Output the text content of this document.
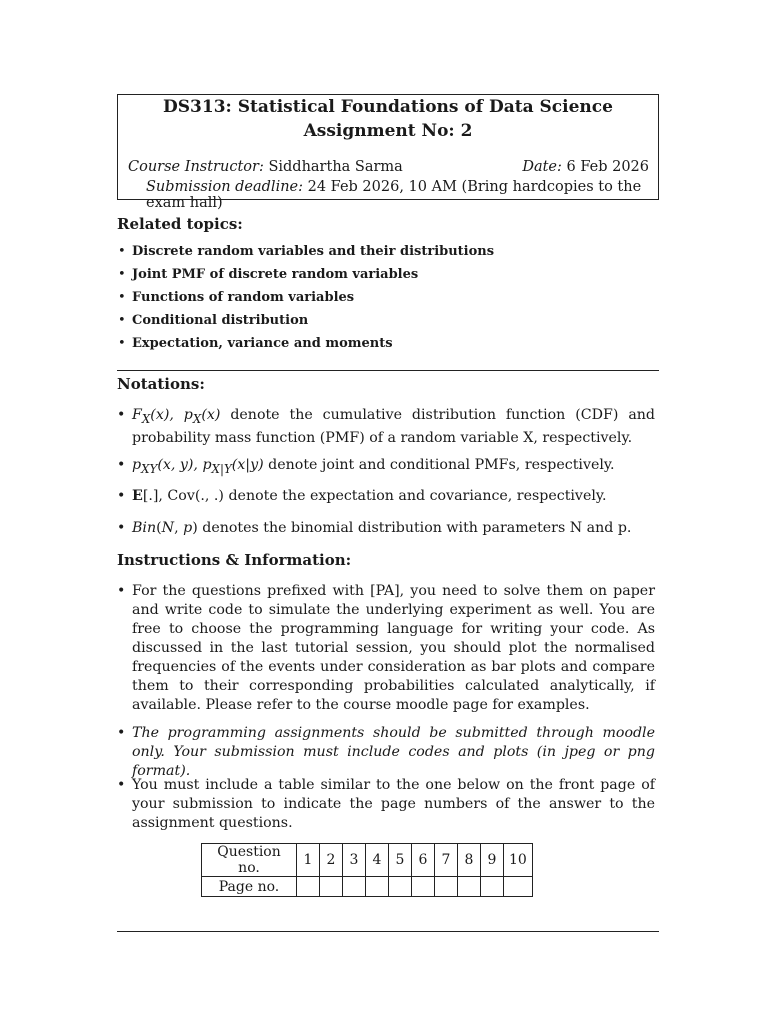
DS313: Statistical Foundations of Data Science
Assignment No: 2
Course Instructor: Siddhartha Sarma	Date: 6 Feb 2026
Submission deadline: 24 Feb 2026, 10 AM (Bring hardcopies to the exam hall)
Related topics:
• Discrete random variables and their distributions
• Joint PMF of discrete random variables
• Functions of random variables
• Conditional distribution
• Expectation, variance and moments
Notations:
• $F_X(x)$, $p_X(x)$ denote the cumulative distribution function (CDF) and probability mass function (PMF) of a random variable X, respectively.
• $p_{XY}(x$, y), $p_{X|Y}(x|y)$ denote joint and conditional PMFs, respectively.
• E[.], Cov(., .) denote the expectation and covariance, respectively.
• Bin(N, p) denotes the binomial distribution with parameters N and p.
Instructions & Information:
• For the questions prefixed with [PA], you need to solve them on paper and write code to simulate the underlying experiment as well. You are free to choose the programming language for writing your code. As discussed in the last tutorial session, you should plot the normalised frequencies of the events under consideration as bar plots and compare them to their corresponding probabilities calculated analytically, if available. Please refer to the course moodle page for examples.
• The programming assignments should be submitted through moodle only. Your submission must include codes and plots (in jpeg or png format).
• You must include a table similar to the one below on the front page of your submission to indicate the page numbers of the answer to the assignment questions.
Question no.	1	2	3	4	5	6	7	8	9	10
Page no.										
